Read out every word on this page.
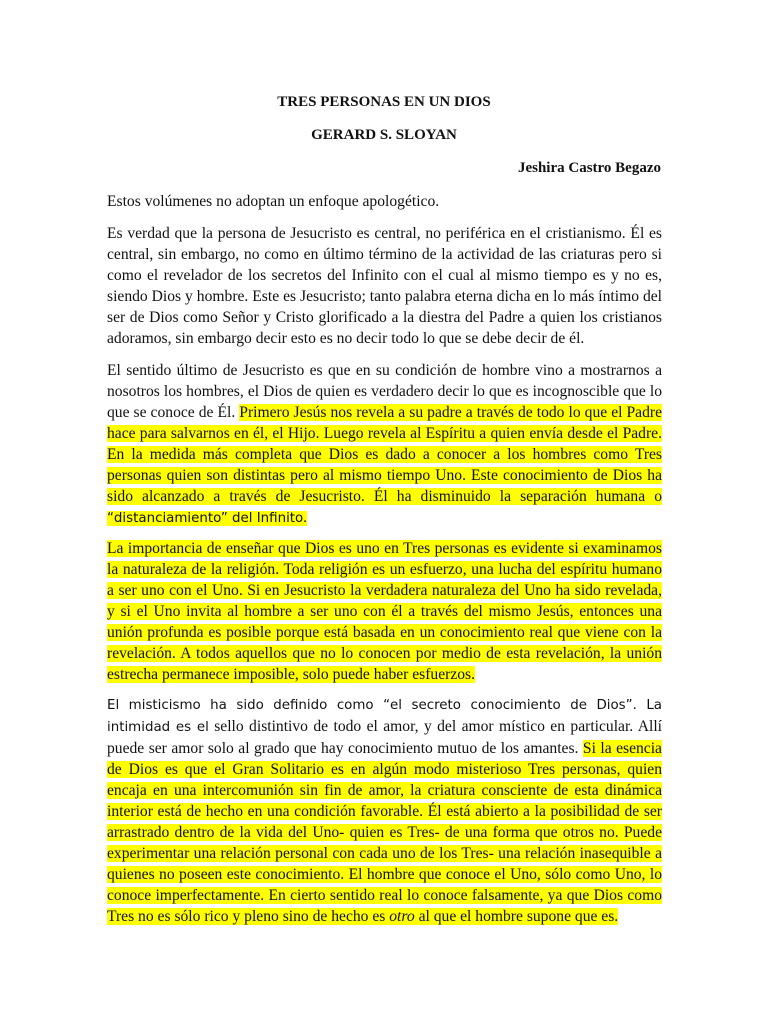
TRES PERSONAS EN UN DIOS
GERARD S. SLOYAN
Jeshira Castro Begazo

Estos volúmenes no adoptan un enfoque apologético.

Es verdad que la persona de Jesucristo es central, no periférica en el cristianismo. Él es central, sin embargo, no como en último término de la actividad de las criaturas pero si como el revelador de los secretos del Infinito con el cual al mismo tiempo es y no es, siendo Dios y hombre. Este es Jesucristo; tanto palabra eterna dicha en lo más íntimo del ser de Dios como Señor y Cristo glorificado a la diestra del Padre a quien los cristianos adoramos, sin embargo decir esto es no decir todo lo que se debe decir de él.

El sentido último de Jesucristo es que en su condición de hombre vino a mostrarnos a nosotros los hombres, el Dios de quien es verdadero decir lo que es incognoscible que lo que se conoce de Él. Primero Jesús nos revela a su padre a través de todo lo que el Padre hace para salvarnos en él, el Hijo. Luego revela al Espíritu a quien envía desde el Padre. En la medida más completa que Dios es dado a conocer a los hombres como Tres personas quien son distintas pero al mismo tiempo Uno. Este conocimiento de Dios ha sido alcanzado a través de Jesucristo. Él ha disminuido la separación humana o “distanciamiento” del Infinito.

La importancia de enseñar que Dios es uno en Tres personas es evidente si examinamos la naturaleza de la religión. Toda religión es un esfuerzo, una lucha del espíritu humano a ser uno con el Uno. Si en Jesucristo la verdadera naturaleza del Uno ha sido revelada, y si el Uno invita al hombre a ser uno con él a través del mismo Jesús, entonces una unión profunda es posible porque está basada en un conocimiento real que viene con la revelación. A todos aquellos que no lo conocen por medio de esta revelación, la unión estrecha permanece imposible, solo puede haber esfuerzos.

El misticismo ha sido definido como “el secreto conocimiento de Dios”. La intimidad es el sello distintivo de todo el amor, y del amor místico en particular. Allí puede ser amor solo al grado que hay conocimiento mutuo de los amantes. Si la esencia de Dios es que el Gran Solitario es en algún modo misterioso Tres personas, quien encaja en una intercomunión sin fin de amor, la criatura consciente de esta dinámica interior está de hecho en una condición favorable. Él está abierto a la posibilidad de ser arrastrado dentro de la vida del Uno- quien es Tres- de una forma que otros no. Puede experimentar una relación personal con cada uno de los Tres- una relación inasequible a quienes no poseen este conocimiento. El hombre que conoce el Uno, sólo como Uno, lo conoce imperfectamente. En cierto sentido real lo conoce falsamente, ya que Dios como Tres no es sólo rico y pleno sino de hecho es otro al que el hombre supone que es.
